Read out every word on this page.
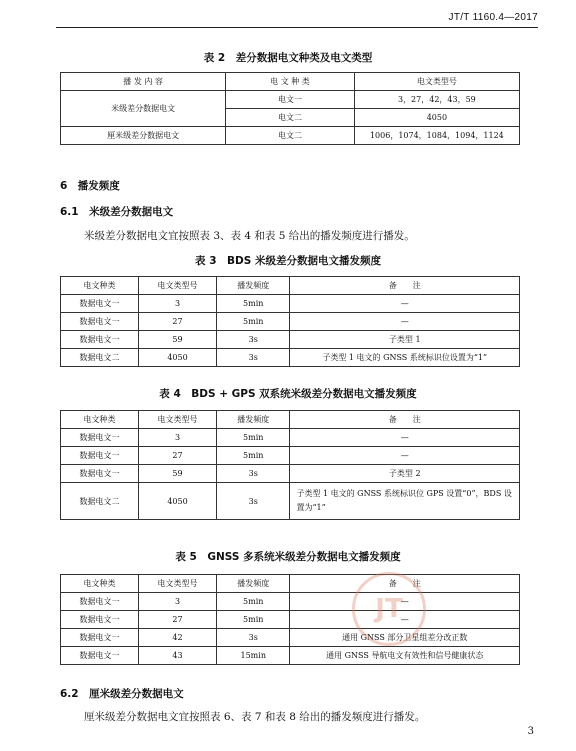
JT/T 1160.4—2017
表 2　差分数据电文种类及电文类型
播 发 内 容	电 文 种 类	电文类型号
米级差分数据电文	电文一	3，27，42，43，59
	电文二	4050
厘米级差分数据电文	电文二	1006，1074，1084，1094，1124
6　播发频度
6.1　米级差分数据电文
米级差分数据电文宜按照表 3、表 4 和表 5 给出的播发频度进行播发。
表 3　BDS 米级差分数据电文播发频度
电文种类	电文类型号	播发频度	备　　注
数据电文一	3	5min	—
数据电文一	27	5min	—
数据电文一	59	3s	子类型 1
数据电文二	4050	3s	子类型 1 电文的 GNSS 系统标识位设置为“1”
表 4　BDS + GPS 双系统米级差分数据电文播发频度
电文种类	电文类型号	播发频度	备　　注
数据电文一	3	5min	—
数据电文一	27	5min	—
数据电文一	59	3s	子类型 2
数据电文二	4050	3s	子类型 1 电文的 GNSS 系统标识位 GPS 设置“0”，BDS 设置为“1”
表 5　GNSS 多系统米级差分数据电文播发频度
电文种类	电文类型号	播发频度	备　　注
数据电文一	3	5min	—
数据电文一	27	5min	—
数据电文一	42	3s	通用 GNSS 部分卫星组差分改正数
数据电文一	43	15min	通用 GNSS 导航电文有效性和信号健康状态
JT
6.2　厘米级差分数据电文
厘米级差分数据电文宜按照表 6、表 7 和表 8 给出的播发频度进行播发。
3
